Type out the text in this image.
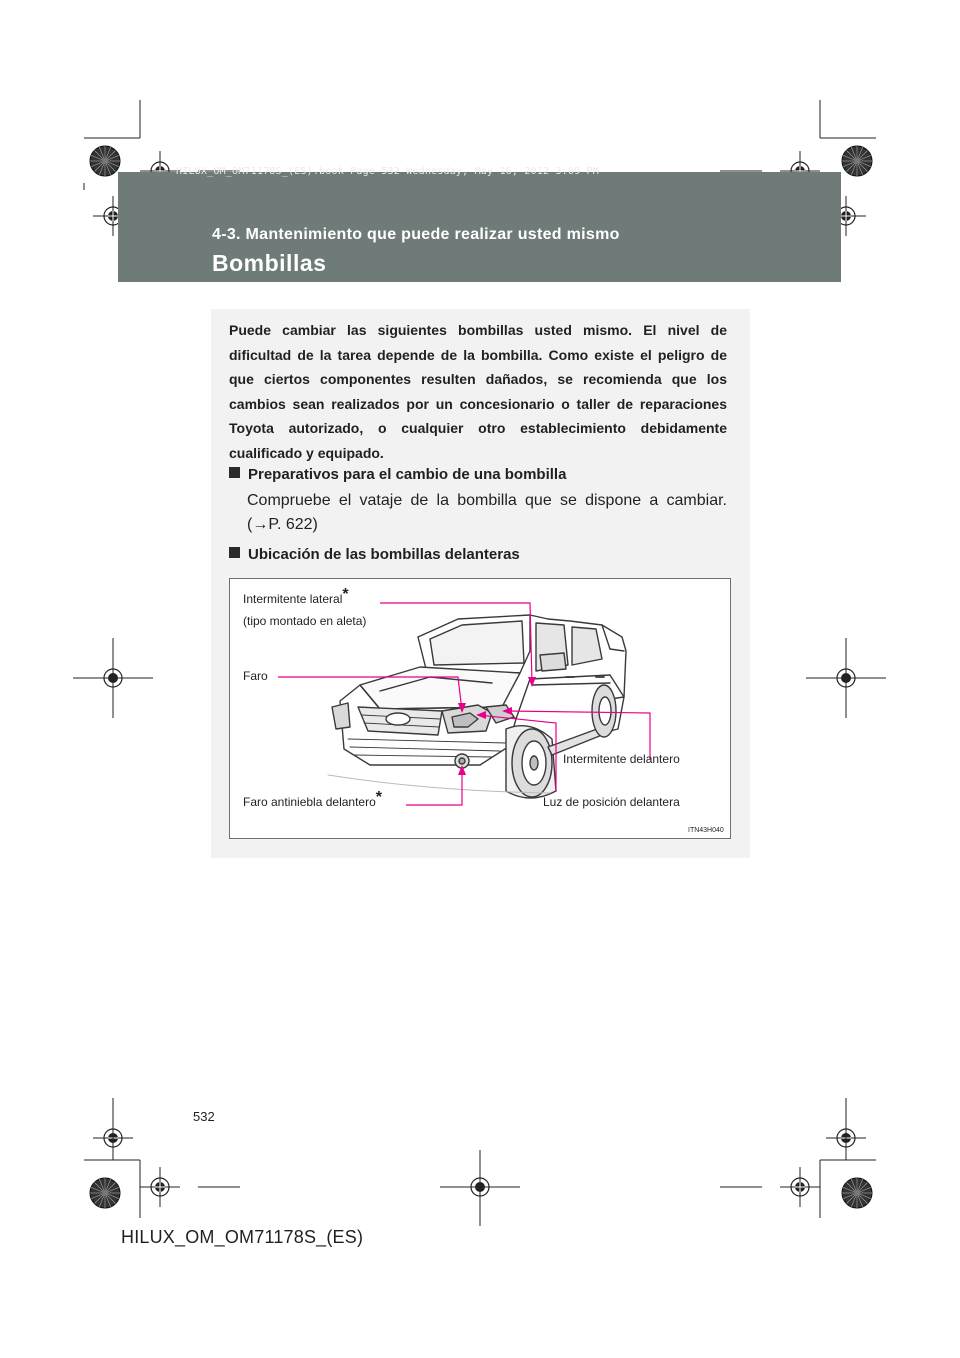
HILUX_OM_OM71178S_(ES).book Page 532 Wednesday, May 16, 2012 3:09 PM
4-3. Mantenimiento que puede realizar usted mismo
Bombillas
Puede cambiar las siguientes bombillas usted mismo. El nivel de dificultad de la tarea depende de la bombilla. Como existe el peligro de que ciertos componentes resulten dañados, se recomienda que los cambios sean realizados por un concesionario o taller de reparaciones Toyota autorizado, o cualquier otro establecimiento debidamente cualificado y equipado.
Preparativos para el cambio de una bombilla
Compruebe el vataje de la bombilla que se dispone a cambiar. (→P. 622)
Ubicación de las bombillas delanteras
Intermitente lateral*
(tipo montado en aleta)
Faro
Intermitente delantero
Faro antiniebla delantero*	Luz de posición delantera
ITN43H040
532
HILUX_OM_OM71178S_(ES)
